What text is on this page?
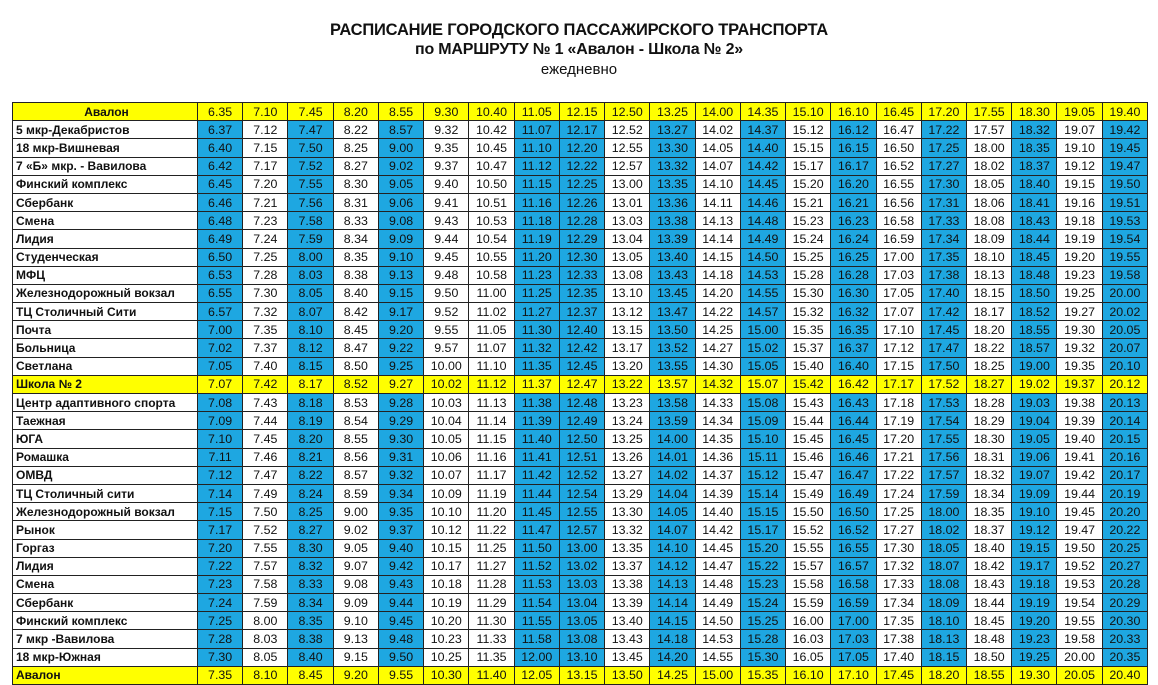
РАСПИСАНИЕ ГОРОДСКОГО ПАССАЖИРСКОГО ТРАНСПОРТА
по МАРШРУТУ № 1 «Авалон - Школа № 2»
ежедневно
Авалон	6.35	7.10	7.45	8.20	8.55	9.30	10.40	11.05	12.15	12.50	13.25	14.00	14.35	15.10	16.10	16.45	17.20	17.55	18.30	19.05	19.40
5 мкр-Декабристов	6.37	7.12	7.47	8.22	8.57	9.32	10.42	11.07	12.17	12.52	13.27	14.02	14.37	15.12	16.12	16.47	17.22	17.57	18.32	19.07	19.42
18 мкр-Вишневая	6.40	7.15	7.50	8.25	9.00	9.35	10.45	11.10	12.20	12.55	13.30	14.05	14.40	15.15	16.15	16.50	17.25	18.00	18.35	19.10	19.45
7 «Б» мкр. - Вавилова	6.42	7.17	7.52	8.27	9.02	9.37	10.47	11.12	12.22	12.57	13.32	14.07	14.42	15.17	16.17	16.52	17.27	18.02	18.37	19.12	19.47
Финский комплекс	6.45	7.20	7.55	8.30	9.05	9.40	10.50	11.15	12.25	13.00	13.35	14.10	14.45	15.20	16.20	16.55	17.30	18.05	18.40	19.15	19.50
Сбербанк	6.46	7.21	7.56	8.31	9.06	9.41	10.51	11.16	12.26	13.01	13.36	14.11	14.46	15.21	16.21	16.56	17.31	18.06	18.41	19.16	19.51
Смена	6.48	7.23	7.58	8.33	9.08	9.43	10.53	11.18	12.28	13.03	13.38	14.13	14.48	15.23	16.23	16.58	17.33	18.08	18.43	19.18	19.53
Лидия	6.49	7.24	7.59	8.34	9.09	9.44	10.54	11.19	12.29	13.04	13.39	14.14	14.49	15.24	16.24	16.59	17.34	18.09	18.44	19.19	19.54
Студенческая	6.50	7.25	8.00	8.35	9.10	9.45	10.55	11.20	12.30	13.05	13.40	14.15	14.50	15.25	16.25	17.00	17.35	18.10	18.45	19.20	19.55
МФЦ	6.53	7.28	8.03	8.38	9.13	9.48	10.58	11.23	12.33	13.08	13.43	14.18	14.53	15.28	16.28	17.03	17.38	18.13	18.48	19.23	19.58
Железнодорожный вокзал	6.55	7.30	8.05	8.40	9.15	9.50	11.00	11.25	12.35	13.10	13.45	14.20	14.55	15.30	16.30	17.05	17.40	18.15	18.50	19.25	20.00
ТЦ Столичный Сити	6.57	7.32	8.07	8.42	9.17	9.52	11.02	11.27	12.37	13.12	13.47	14.22	14.57	15.32	16.32	17.07	17.42	18.17	18.52	19.27	20.02
Почта	7.00	7.35	8.10	8.45	9.20	9.55	11.05	11.30	12.40	13.15	13.50	14.25	15.00	15.35	16.35	17.10	17.45	18.20	18.55	19.30	20.05
Больница	7.02	7.37	8.12	8.47	9.22	9.57	11.07	11.32	12.42	13.17	13.52	14.27	15.02	15.37	16.37	17.12	17.47	18.22	18.57	19.32	20.07
Светлана	7.05	7.40	8.15	8.50	9.25	10.00	11.10	11.35	12.45	13.20	13.55	14.30	15.05	15.40	16.40	17.15	17.50	18.25	19.00	19.35	20.10
Школа № 2	7.07	7.42	8.17	8.52	9.27	10.02	11.12	11.37	12.47	13.22	13.57	14.32	15.07	15.42	16.42	17.17	17.52	18.27	19.02	19.37	20.12
Центр адаптивного спорта	7.08	7.43	8.18	8.53	9.28	10.03	11.13	11.38	12.48	13.23	13.58	14.33	15.08	15.43	16.43	17.18	17.53	18.28	19.03	19.38	20.13
Таежная	7.09	7.44	8.19	8.54	9.29	10.04	11.14	11.39	12.49	13.24	13.59	14.34	15.09	15.44	16.44	17.19	17.54	18.29	19.04	19.39	20.14
ЮГА	7.10	7.45	8.20	8.55	9.30	10.05	11.15	11.40	12.50	13.25	14.00	14.35	15.10	15.45	16.45	17.20	17.55	18.30	19.05	19.40	20.15
Ромашка	7.11	7.46	8.21	8.56	9.31	10.06	11.16	11.41	12.51	13.26	14.01	14.36	15.11	15.46	16.46	17.21	17.56	18.31	19.06	19.41	20.16
ОМВД	7.12	7.47	8.22	8.57	9.32	10.07	11.17	11.42	12.52	13.27	14.02	14.37	15.12	15.47	16.47	17.22	17.57	18.32	19.07	19.42	20.17
ТЦ Столичный сити	7.14	7.49	8.24	8.59	9.34	10.09	11.19	11.44	12.54	13.29	14.04	14.39	15.14	15.49	16.49	17.24	17.59	18.34	19.09	19.44	20.19
Железнодорожный вокзал	7.15	7.50	8.25	9.00	9.35	10.10	11.20	11.45	12.55	13.30	14.05	14.40	15.15	15.50	16.50	17.25	18.00	18.35	19.10	19.45	20.20
Рынок	7.17	7.52	8.27	9.02	9.37	10.12	11.22	11.47	12.57	13.32	14.07	14.42	15.17	15.52	16.52	17.27	18.02	18.37	19.12	19.47	20.22
Горгаз	7.20	7.55	8.30	9.05	9.40	10.15	11.25	11.50	13.00	13.35	14.10	14.45	15.20	15.55	16.55	17.30	18.05	18.40	19.15	19.50	20.25
Лидия	7.22	7.57	8.32	9.07	9.42	10.17	11.27	11.52	13.02	13.37	14.12	14.47	15.22	15.57	16.57	17.32	18.07	18.42	19.17	19.52	20.27
Смена	7.23	7.58	8.33	9.08	9.43	10.18	11.28	11.53	13.03	13.38	14.13	14.48	15.23	15.58	16.58	17.33	18.08	18.43	19.18	19.53	20.28
Сбербанк	7.24	7.59	8.34	9.09	9.44	10.19	11.29	11.54	13.04	13.39	14.14	14.49	15.24	15.59	16.59	17.34	18.09	18.44	19.19	19.54	20.29
Финский комплекс	7.25	8.00	8.35	9.10	9.45	10.20	11.30	11.55	13.05	13.40	14.15	14.50	15.25	16.00	17.00	17.35	18.10	18.45	19.20	19.55	20.30
7 мкр -Вавилова	7.28	8.03	8.38	9.13	9.48	10.23	11.33	11.58	13.08	13.43	14.18	14.53	15.28	16.03	17.03	17.38	18.13	18.48	19.23	19.58	20.33
18 мкр-Южная	7.30	8.05	8.40	9.15	9.50	10.25	11.35	12.00	13.10	13.45	14.20	14.55	15.30	16.05	17.05	17.40	18.15	18.50	19.25	20.00	20.35
Авалон	7.35	8.10	8.45	9.20	9.55	10.30	11.40	12.05	13.15	13.50	14.25	15.00	15.35	16.10	17.10	17.45	18.20	18.55	19.30	20.05	20.40
